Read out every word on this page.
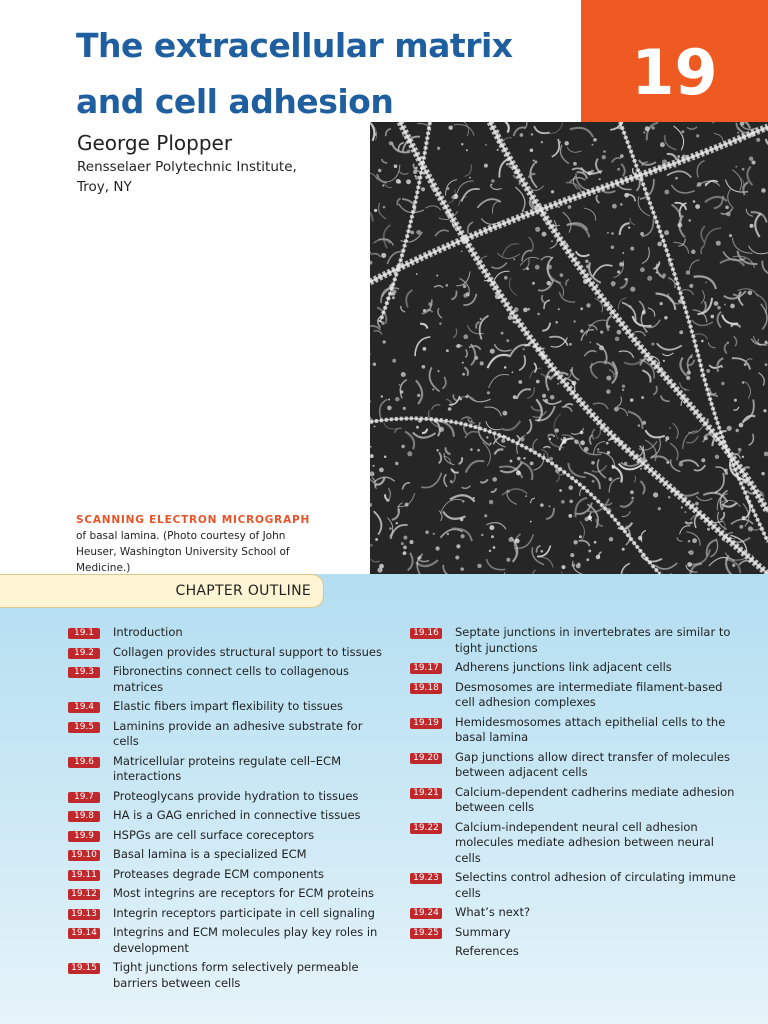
The extracellular matrix and cell adhesion	19
George Plopper
Rensselaer Polytechnic Institute,
Troy, NY
SCANNING ELECTRON MICROGRAPH of basal lamina. (Photo courtesy of John Heuser, Washington University School of Medicine.)
CHAPTER OUTLINE
19.1	Introduction
19.2	Collagen provides structural support to tissues
19.3	Fibronectins connect cells to collagenous matrices
19.4	Elastic fibers impart flexibility to tissues
19.5	Laminins provide an adhesive substrate for cells
19.6	Matricellular proteins regulate cell–ECM interactions
19.7	Proteoglycans provide hydration to tissues
19.8	HA is a GAG enriched in connective tissues
19.9	HSPGs are cell surface coreceptors
19.10 Basal lamina is a specialized ECM
19.11 Proteases degrade ECM components
19.12 Most integrins are receptors for ECM proteins
19.13 Integrin receptors participate in cell signaling
19.14 Integrins and ECM molecules play key roles in development
19.15 Tight junctions form selectively permeable barriers between cells
19.16 Septate junctions in invertebrates are similar to tight junctions
19.17 Adherens junctions link adjacent cells
19.18 Desmosomes are intermediate filament-based cell adhesion complexes
19.19 Hemidesmosomes attach epithelial cells to the basal lamina
19.20 Gap junctions allow direct transfer of molecules between adjacent cells
19.21 Calcium-dependent cadherins mediate adhesion between cells
19.22 Calcium-independent neural cell adhesion molecules mediate adhesion between neural cells
19.23 Selectins control adhesion of circulating immune cells
19.24 What’s next?
19.25 Summary
References
